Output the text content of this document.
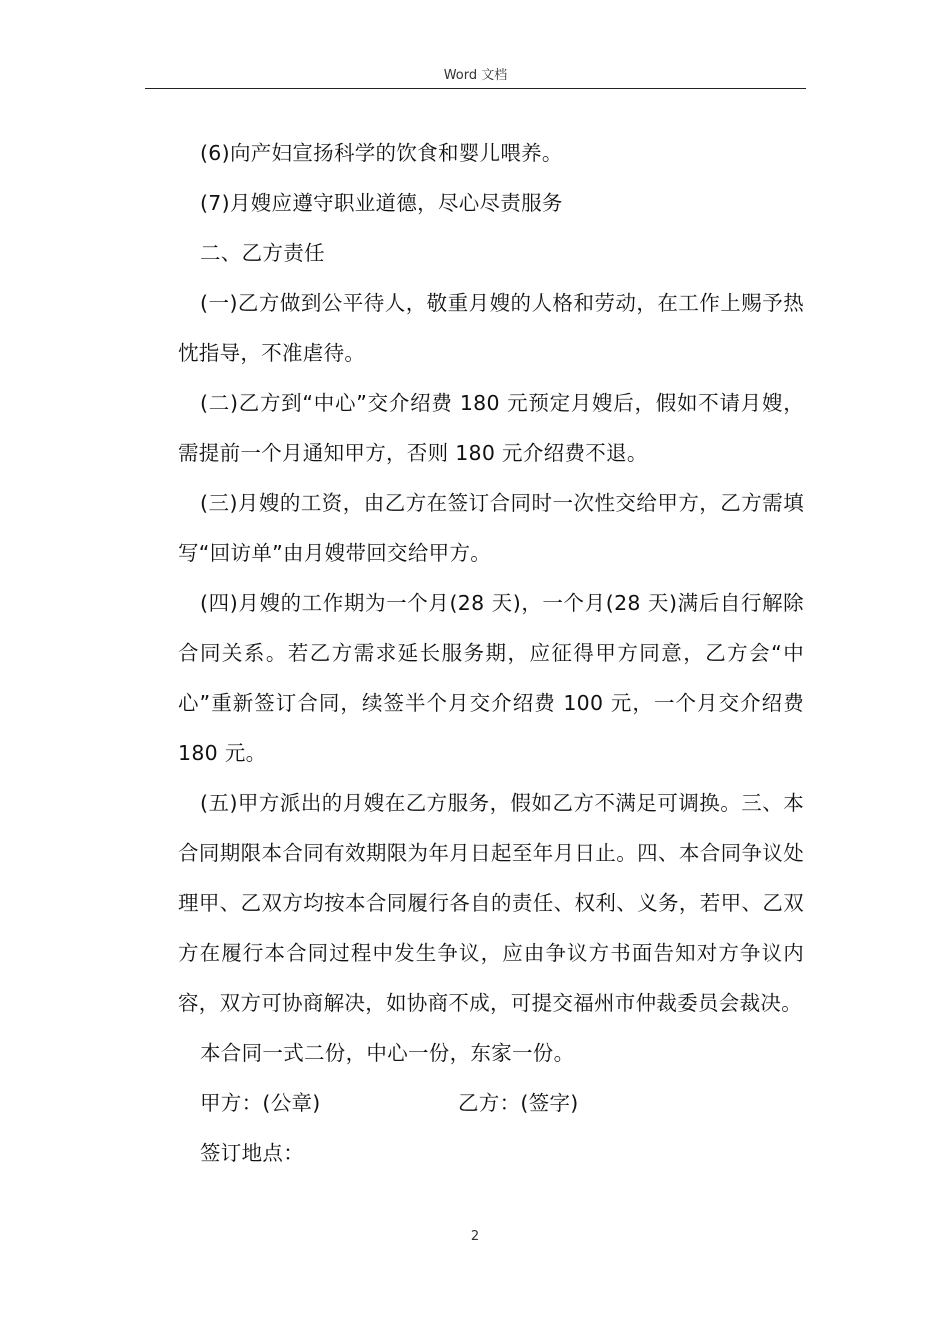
Word 文档

(6)向产妇宣扬科学的饮食和婴儿喂养。

(7)月嫂应遵守职业道德，尽心尽责服务

二、乙方责任

(一)乙方做到公平待人，敬重月嫂的人格和劳动，在工作上赐予热忱指导，不准虐待。

(二)乙方到“中心”交介绍费 180 元预定月嫂后，假如不请月嫂，需提前一个月通知甲方，否则 180 元介绍费不退。

(三)月嫂的工资，由乙方在签订合同时一次性交给甲方，乙方需填写“回访单”由月嫂带回交给甲方。

(四)月嫂的工作期为一个月(28 天)，一个月(28 天)满后自行解除合同关系。若乙方需求延长服务期，应征得甲方同意，乙方会“中心”重新签订合同，续签半个月交介绍费 100 元，一个月交介绍费 180 元。

(五)甲方派出的月嫂在乙方服务，假如乙方不满足可调换。三、本合同期限本合同有效期限为年月日起至年月日止。四、本合同争议处理甲、乙双方均按本合同履行各自的责任、权利、义务，若甲、乙双方在履行本合同过程中发生争议，应由争议方书面告知对方争议内容，双方可协商解决，如协商不成，可提交福州市仲裁委员会裁决。

本合同一式二份，中心一份，东家一份。

甲方：(公章)	乙方：(签字)

签订地点：

2
